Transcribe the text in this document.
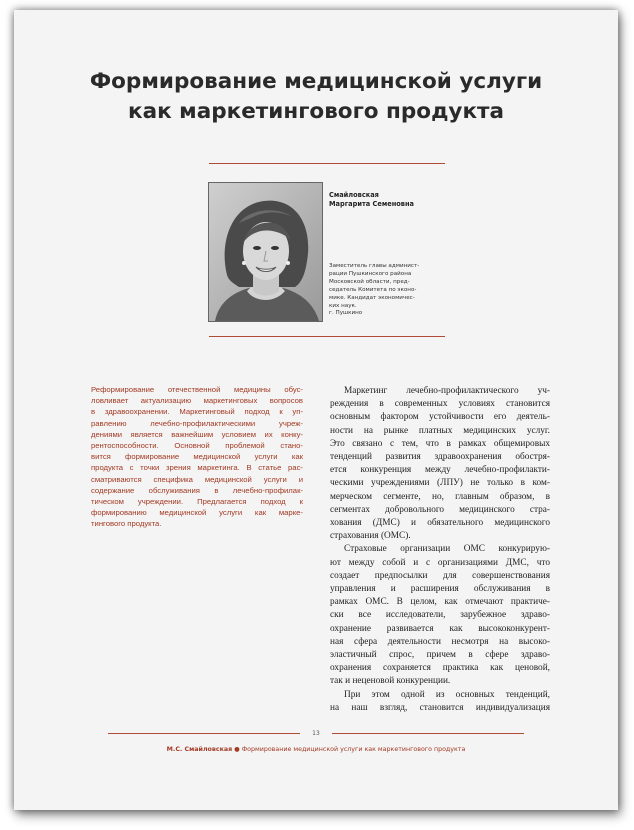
Формирование медицинской услуги
как маркетингового продукта
Смайловская
Маргарита Семеновна
Заместитель главы админист-
рации Пушкинского района
Московской области, пред-
седатель Комитета по эконо-
мике. Кандидат экономичес-
ких наук.
г. Пушкино
Реформирование отечественной медицины обус-
ловливает актуализацию маркетинговых вопросов
в здравоохранении. Маркетинговый подход к уп-
равлению лечебно-профилактическими учреж-
дениями является важнейшим условием их конку-
рентоспособности. Основной проблемой стано-
вится формирование медицинской услуги как
продукта с точки зрения маркетинга. В статье рас-
сматриваются специфика медицинской услуги и
содержание обслуживания в лечебно-профилак-
тическом учреждении. Предлагается подход к
формированию медицинской услуги как марке-
тингового продукта.
Маркетинг лечебно-профилактического уч-
реждения в современных условиях становится
основным фактором устойчивости его деятель-
ности на рынке платных медицинских услуг.
Это связано с тем, что в рамках общемировых
тенденций развития здравоохранения обостря-
ется конкуренция между лечебно-профилакти-
ческими учреждениями (ЛПУ) не только в ком-
мерческом сегменте, но, главным образом, в
сегментах добровольного медицинского стра-
хования (ДМС) и обязательного медицинского
страхования (ОМС).
Страховые организации ОМС конкурирую-
ют между собой и с организациями ДМС, что
создает предпосылки для совершенствования
управления и расширения обслуживания в
рамках ОМС. В целом, как отмечают практиче-
ски все исследователи, зарубежное здраво-
охранение развивается как высококонкурент-
ная сфера деятельности несмотря на высоко-
эластичный спрос, причем в сфере здраво-
охранения сохраняется практика как ценовой,
так и неценовой конкуренции.
При этом одной из основных тенденций,
на наш взгляд, становится индивидуализация
13
М.С. Смайловская ● Формирование медицинской услуги как маркетингового продукта
